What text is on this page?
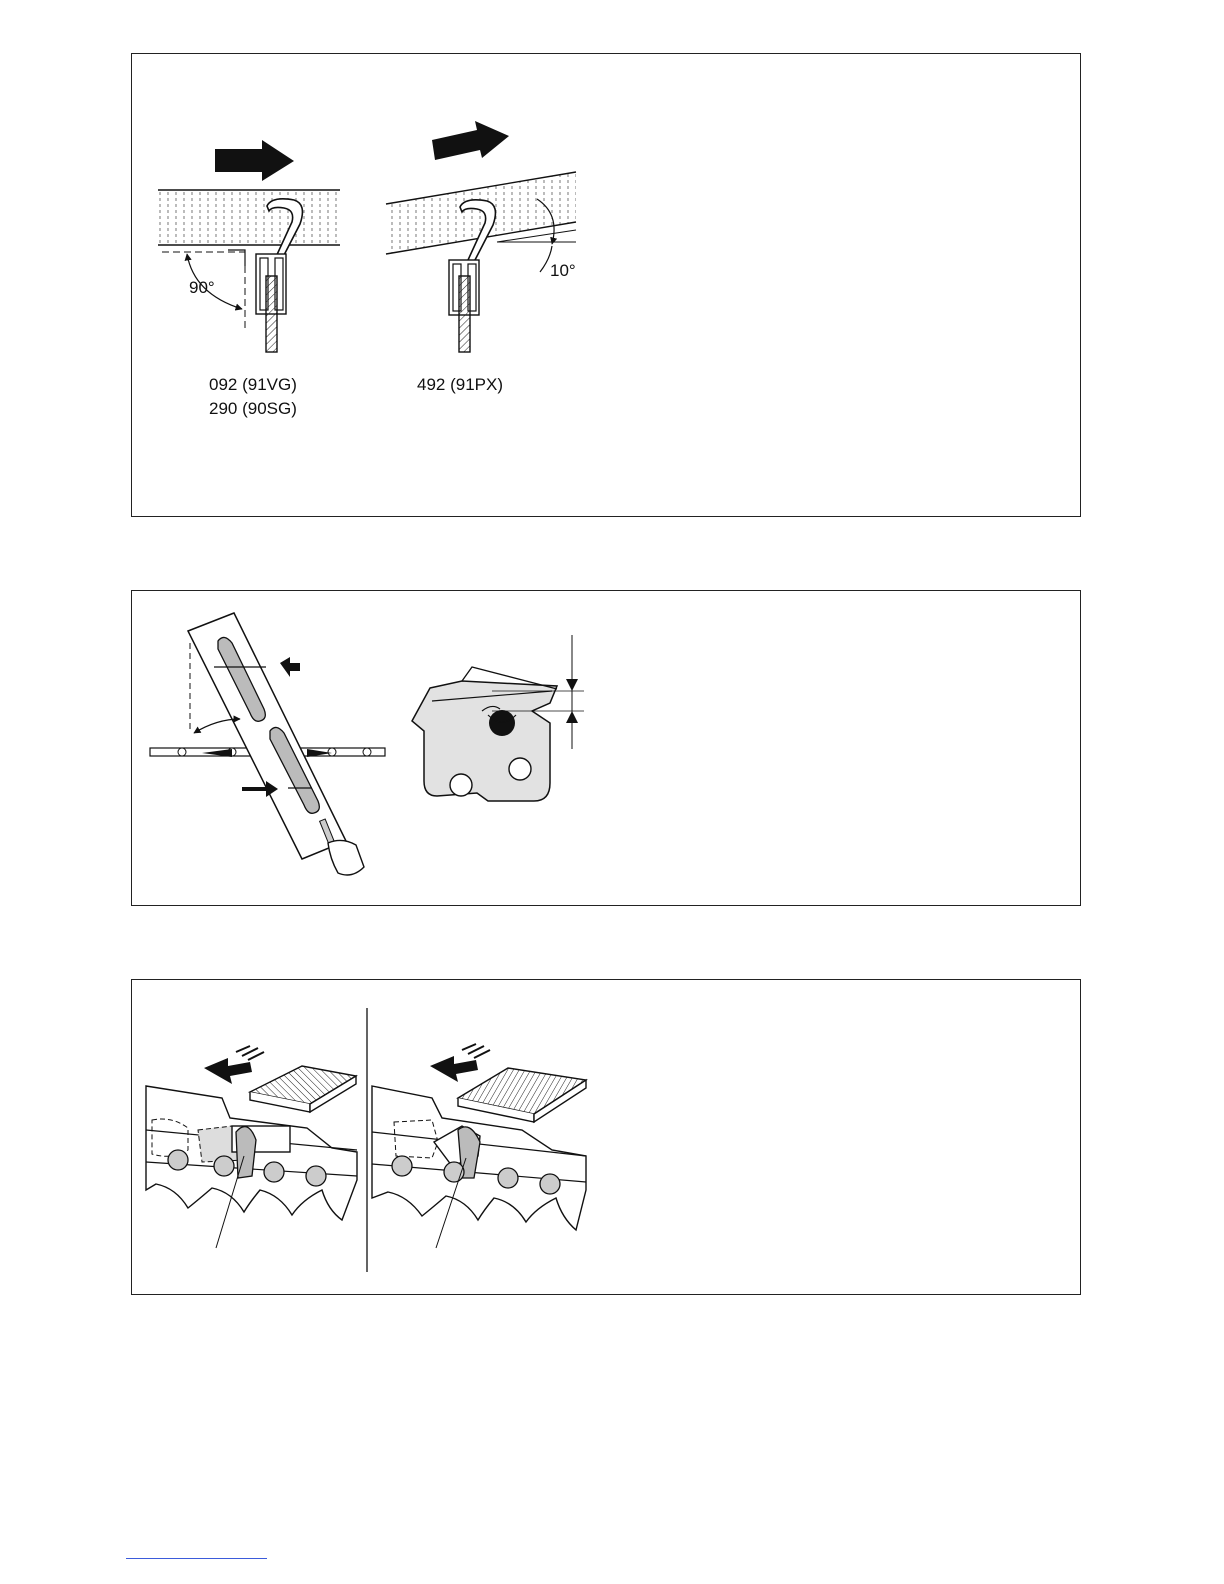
90°
10°
092 (91VG)
290 (90SG)
492 (91PX)
